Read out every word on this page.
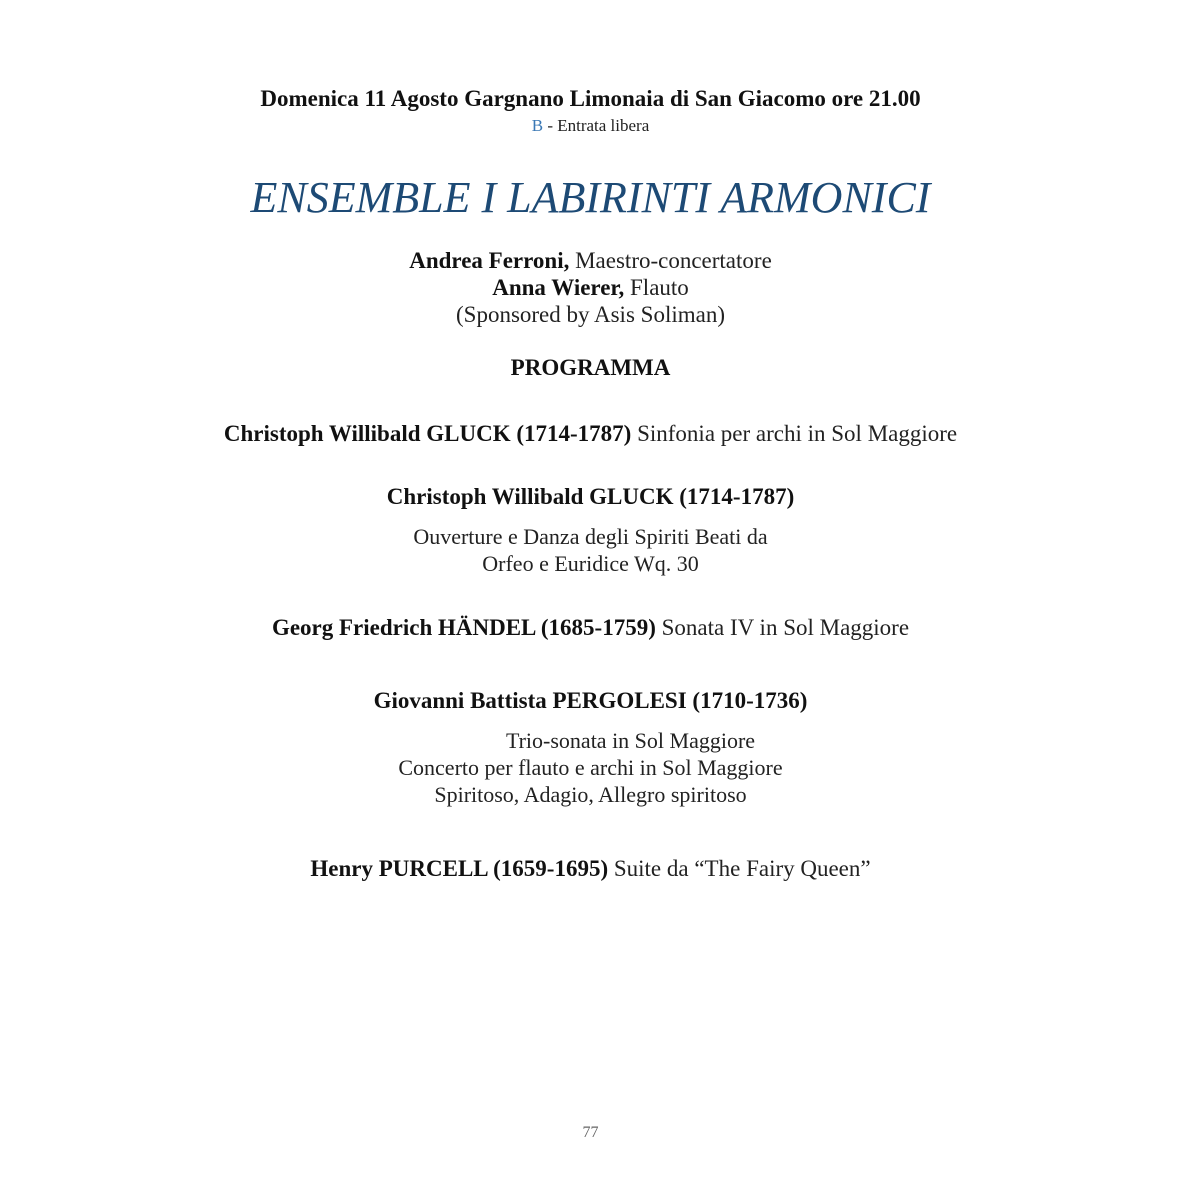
Domenica 11 Agosto Gargnano Limonaia di San Giacomo ore 21.00
B - Entrata libera
ENSEMBLE I LABIRINTI ARMONICI
Andrea Ferroni, Maestro-concertatore
Anna Wierer, Flauto
(Sponsored by Asis Soliman)
PROGRAMMA
Christoph Willibald GLUCK (1714-1787) Sinfonia per archi in Sol Maggiore
Christoph Willibald GLUCK (1714-1787)
Ouverture e Danza degli Spiriti Beati da
Orfeo e Euridice Wq. 30
Georg Friedrich HÄNDEL (1685-1759) Sonata IV in Sol Maggiore
Giovanni Battista PERGOLESI (1710-1736)
Trio-sonata in Sol Maggiore
Concerto per flauto e archi in Sol Maggiore
Spiritoso, Adagio, Allegro spiritoso
Henry PURCELL (1659-1695) Suite da “The Fairy Queen”
77
